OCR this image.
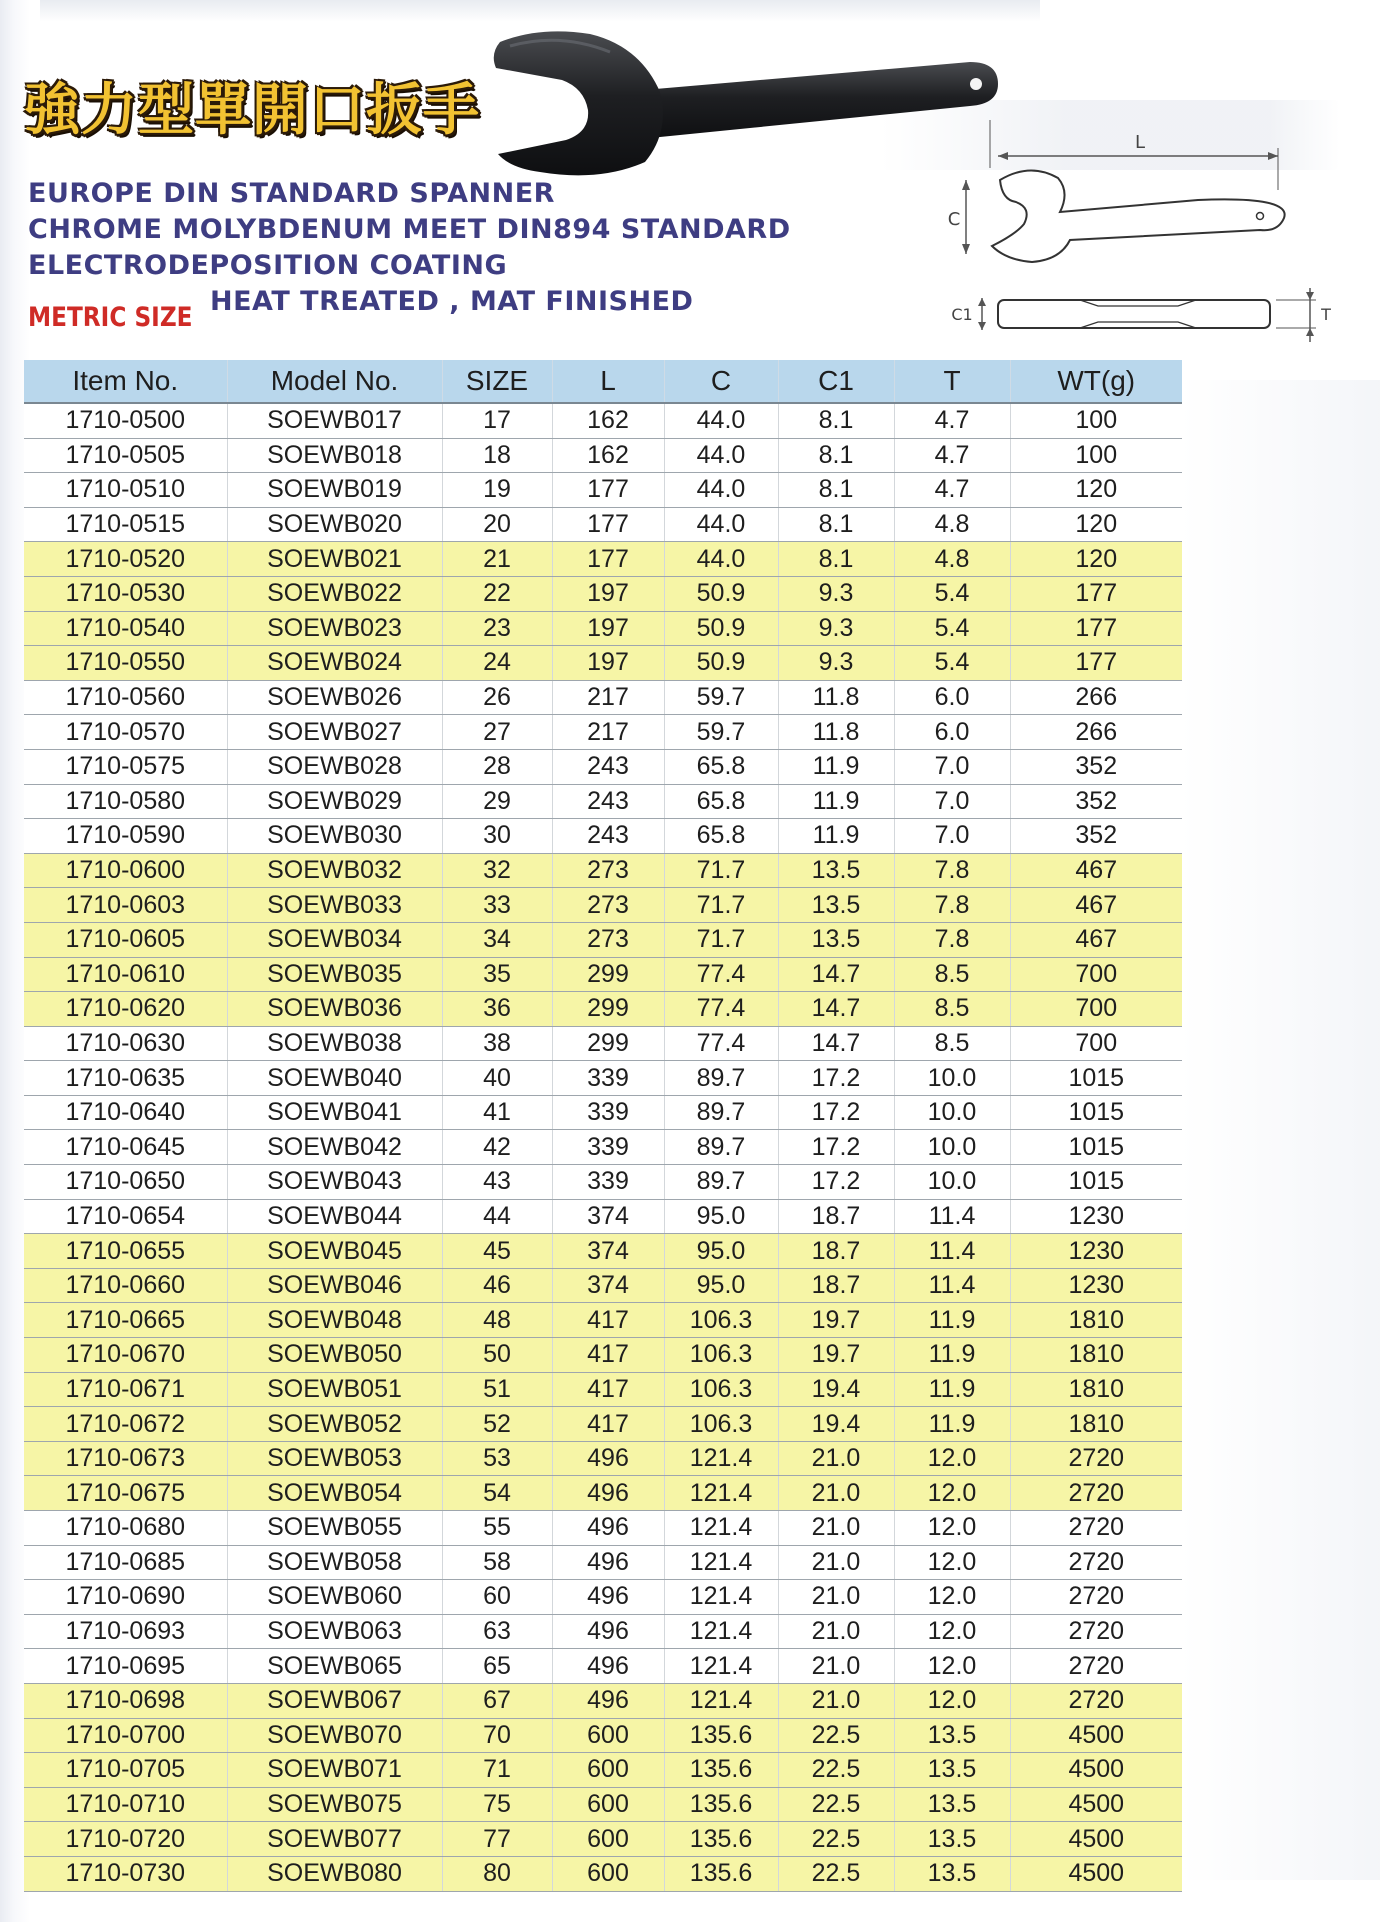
強力型單開口扳手
EUROPE DIN STANDARD SPANNER
CHROME MOLYBDENUM MEET DIN894 STANDARD
ELECTRODEPOSITION COATING
HEAT TREATED , MAT FINISHED
METRIC SIZE
L
C
C1	T
Item No.	Model No.	SIZE	L	C	C1	T	WT(g)
1710-0500	SOEWB017	17	162	44.0	8.1	4.7	100
1710-0505	SOEWB018	18	162	44.0	8.1	4.7	100
1710-0510	SOEWB019	19	177	44.0	8.1	4.7	120
1710-0515	SOEWB020	20	177	44.0	8.1	4.8	120
1710-0520	SOEWB021	21	177	44.0	8.1	4.8	120
1710-0530	SOEWB022	22	197	50.9	9.3	5.4	177
1710-0540	SOEWB023	23	197	50.9	9.3	5.4	177
1710-0550	SOEWB024	24	197	50.9	9.3	5.4	177
1710-0560	SOEWB026	26	217	59.7	11.8	6.0	266
1710-0570	SOEWB027	27	217	59.7	11.8	6.0	266
1710-0575	SOEWB028	28	243	65.8	11.9	7.0	352
1710-0580	SOEWB029	29	243	65.8	11.9	7.0	352
1710-0590	SOEWB030	30	243	65.8	11.9	7.0	352
1710-0600	SOEWB032	32	273	71.7	13.5	7.8	467
1710-0603	SOEWB033	33	273	71.7	13.5	7.8	467
1710-0605	SOEWB034	34	273	71.7	13.5	7.8	467
1710-0610	SOEWB035	35	299	77.4	14.7	8.5	700
1710-0620	SOEWB036	36	299	77.4	14.7	8.5	700
1710-0630	SOEWB038	38	299	77.4	14.7	8.5	700
1710-0635	SOEWB040	40	339	89.7	17.2	10.0	1015
1710-0640	SOEWB041	41	339	89.7	17.2	10.0	1015
1710-0645	SOEWB042	42	339	89.7	17.2	10.0	1015
1710-0650	SOEWB043	43	339	89.7	17.2	10.0	1015
1710-0654	SOEWB044	44	374	95.0	18.7	11.4	1230
1710-0655	SOEWB045	45	374	95.0	18.7	11.4	1230
1710-0660	SOEWB046	46	374	95.0	18.7	11.4	1230
1710-0665	SOEWB048	48	417	106.3	19.7	11.9	1810
1710-0670	SOEWB050	50	417	106.3	19.7	11.9	1810
1710-0671	SOEWB051	51	417	106.3	19.4	11.9	1810
1710-0672	SOEWB052	52	417	106.3	19.4	11.9	1810
1710-0673	SOEWB053	53	496	121.4	21.0	12.0	2720
1710-0675	SOEWB054	54	496	121.4	21.0	12.0	2720
1710-0680	SOEWB055	55	496	121.4	21.0	12.0	2720
1710-0685	SOEWB058	58	496	121.4	21.0	12.0	2720
1710-0690	SOEWB060	60	496	121.4	21.0	12.0	2720
1710-0693	SOEWB063	63	496	121.4	21.0	12.0	2720
1710-0695	SOEWB065	65	496	121.4	21.0	12.0	2720
1710-0698	SOEWB067	67	496	121.4	21.0	12.0	2720
1710-0700	SOEWB070	70	600	135.6	22.5	13.5	4500
1710-0705	SOEWB071	71	600	135.6	22.5	13.5	4500
1710-0710	SOEWB075	75	600	135.6	22.5	13.5	4500
1710-0720	SOEWB077	77	600	135.6	22.5	13.5	4500
1710-0730	SOEWB080	80	600	135.6	22.5	13.5	4500
